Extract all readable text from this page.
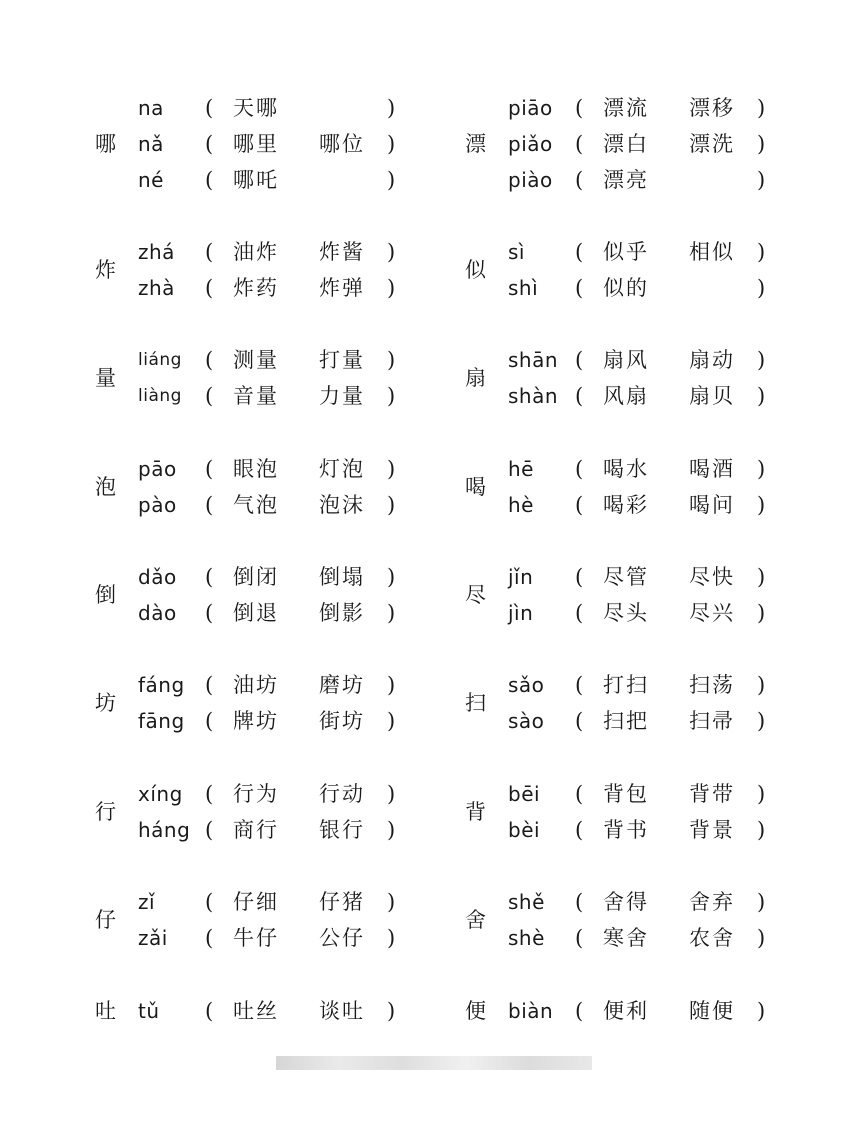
哪
na ( 天哪	)
nǎ ( 哪里 哪位 )
né ( 哪吒	)
炸
zhá ( 油炸 炸酱 )
zhà ( 炸药 炸弹 )
量
liáng ( 测量 打量 )
liàng ( 音量 力量 )
泡
pāo ( 眼泡 灯泡 )
pào ( 气泡 泡沫 )
倒
dǎo ( 倒闭 倒塌 )
dào ( 倒退 倒影 )
坊
fáng ( 油坊 磨坊 )
fāng ( 牌坊 街坊 )
行
xíng ( 行为 行动 )
háng ( 商行 银行 )
仔
zǐ ( 仔细 仔猪 )
zǎi ( 牛仔 公仔 )
吐 tǔ ( 吐丝 谈吐 )
漂
piāo ( 漂流 漂移 )
piǎo ( 漂白 漂洗 )
piào ( 漂亮	)
似
sì ( 似乎 相似 )
shì ( 似的	)
扇
shān ( 扇风 扇动 )
shàn ( 风扇 扇贝 )
喝
hē ( 喝水 喝酒 )
hè ( 喝彩 喝问 )
尽
jǐn ( 尽管 尽快 )
jìn ( 尽头 尽兴 )
扫
sǎo ( 打扫 扫荡 )
sào ( 扫把 扫帚 )
背
bēi ( 背包 背带 )
bèi ( 背书 背景 )
舍
shě ( 舍得 舍弃 )
shè ( 寒舍 农舍 )
便 biàn ( 便利 随便 )
